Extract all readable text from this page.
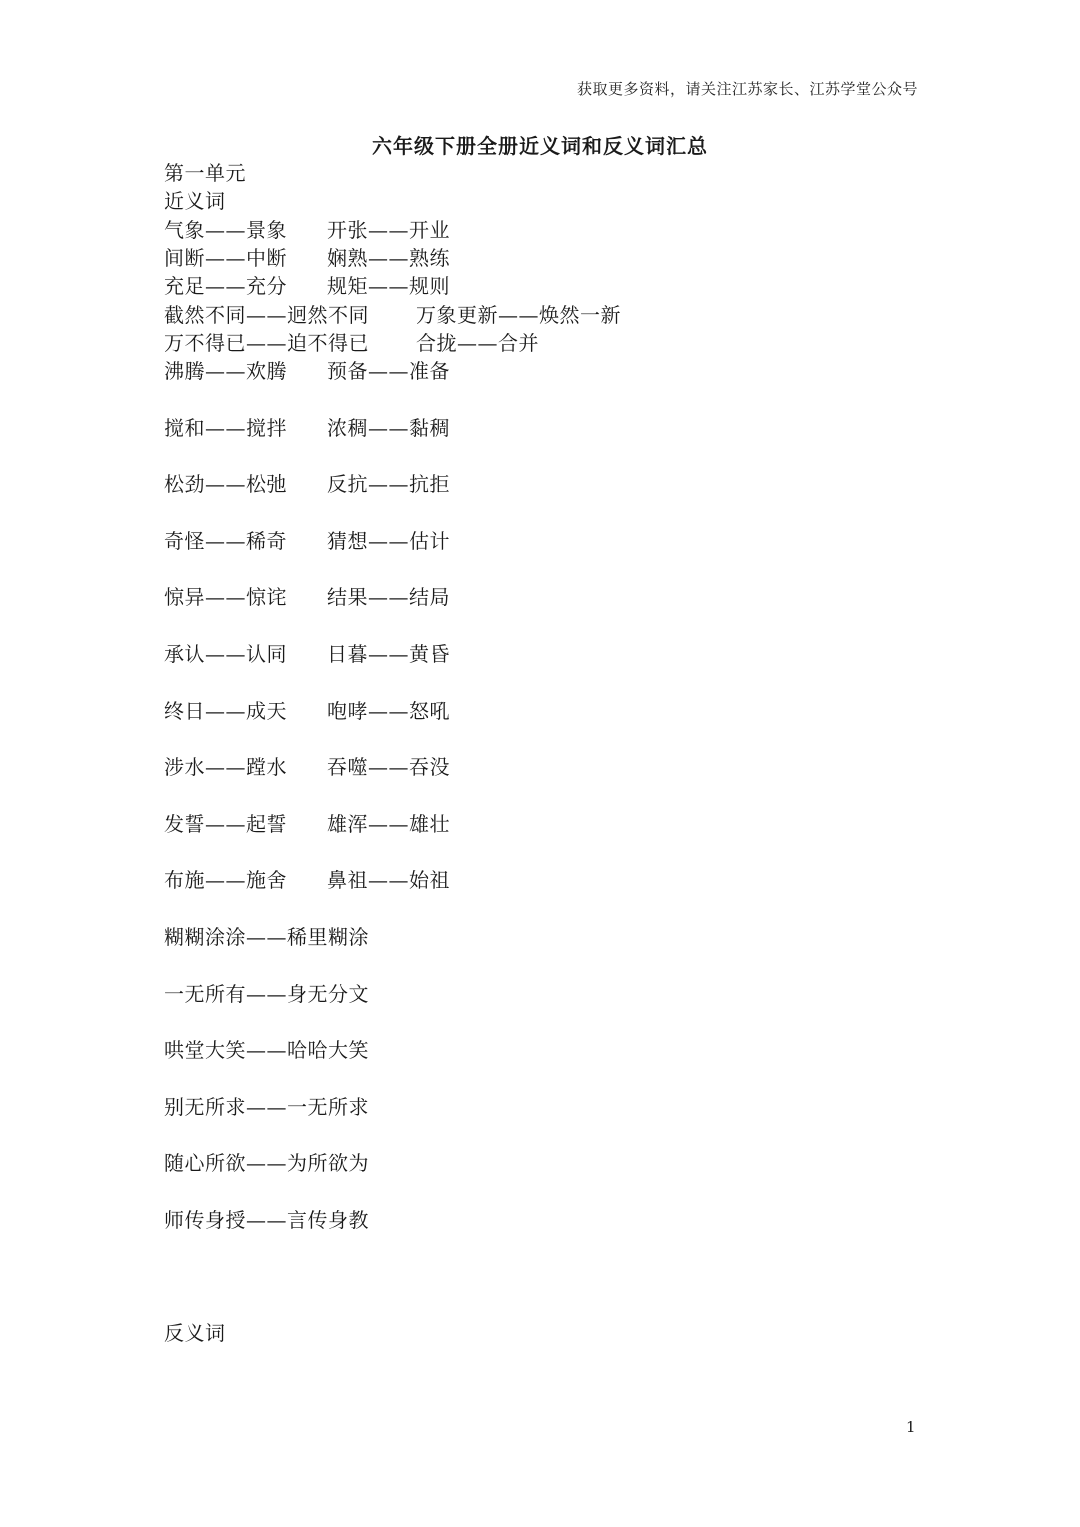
获取更多资料，请关注江苏家长、江苏学堂公众号
六年级下册全册近义词和反义词汇总
第一单元
近义词
气象——景象 开张——开业
间断——中断 娴熟——熟练
充足——充分 规矩——规则
截然不同——迥然不同 万象更新——焕然一新
万不得已——迫不得已 合拢——合并
沸腾——欢腾 预备——准备
搅和——搅拌 浓稠——黏稠
松劲——松弛 反抗——抗拒
奇怪——稀奇 猜想——估计
惊异——惊诧 结果——结局
承认——认同 日暮——黄昏
终日——成天 咆哮——怒吼
涉水——蹚水 吞噬——吞没
发誓——起誓 雄浑——雄壮
布施——施舍 鼻祖——始祖
糊糊涂涂——稀里糊涂
一无所有——身无分文
哄堂大笑——哈哈大笑
别无所求——一无所求
随心所欲——为所欲为
师传身授——言传身教
反义词
1
